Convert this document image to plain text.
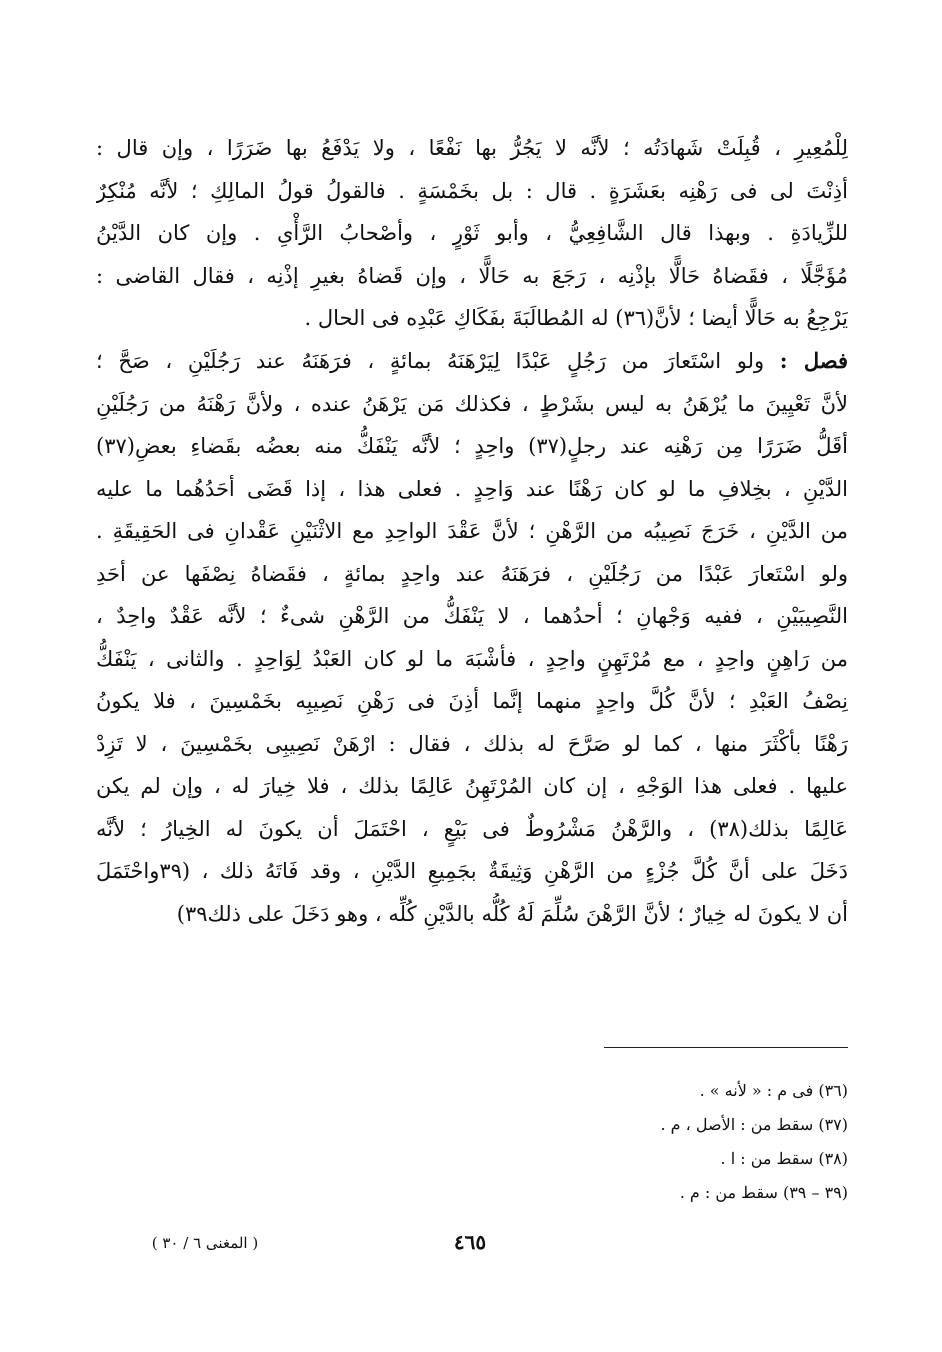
لِلْمُعِيرِ ، قُبِلَتْ شَهادَتُه ؛ لأنَّه لا يَجُرُّ بها نَفْعًا ، ولا يَدْفَعُ بها ضَرَرًا ، وإن قال :
أذِنْتَ لى فى رَهْنِه بعَشَرَةٍ . قال : بل بخَمْسَةٍ . فالقولُ قولُ المالِكِ ؛ لأنَّه مُنْكِرٌ
للزِّيادَةِ . وبهذا قال الشَّافِعِيُّ ، وأبو ثَوْرٍ ، وأصْحابُ الرَّأْىِ . وإن كان الدَّيْنُ
مُؤَجَّلًا ، فقَضاهُ حَالًّا بإذْنِه ، رَجَعَ به حَالًّا ، وإن قَضاهُ بغيرِ إذْنِه ، فقال القاضى :
يَرْجِعُ به حَالًّا أيضا ؛ لأنَّ(٣٦) له المُطالَبَةَ بفَكَاكِ عَبْدِه فى الحال .
فصل : ولو اسْتَعارَ من رَجُلٍ عَبْدًا لِيَرْهَنَهُ بمائةٍ ، فرَهَنَهُ عند رَجُلَيْنِ ، صَحَّ ؛
لأنَّ تَعْيِينَ ما يُرْهَنُ به ليس بشَرْطٍ ، فكذلك مَن يَرْهَنُ عنده ، ولأنَّ رَهْنَهُ من رَجُلَيْنِ
أقَلُّ ضَرَرًا مِن رَهْنِه عند رجلٍ(٣٧) واحِدٍ ؛ لأنَّه يَنْفَكُّ منه بعضُه بقَضاءِ بعضِ(٣٧)
الدَّيْنِ ، بخِلافِ ما لو كان رَهْنًا عند وَاحِدٍ . فعلى هذا ، إذا قَضَى أحَدُهُما ما عليه
من الدَّيْنِ ، خَرَجَ نَصِيبُه من الرَّهْنِ ؛ لأنَّ عَقْدَ الواحِدِ مع الاثْنَيْنِ عَقْدانِ فى الحَقِيقَةِ .
ولو اسْتَعارَ عَبْدًا من رَجُلَيْنِ ، فرَهَنَهُ عند واحِدٍ بمائةٍ ، فقَضاهُ نِصْفَها عن أحَدِ
النَّصِيبَيْنِ ، ففيه وَجْهانِ ؛ أحدُهما ، لا يَنْفَكُّ من الرَّهْنِ شىءٌ ؛ لأنَّه عَقْدٌ واحِدٌ ،
من رَاهِنٍ واحِدٍ ، مع مُرْتَهِنٍ واحِدٍ ، فأشْبَهَ ما لو كان العَبْدُ لِوَاحِدٍ . والثانى ، يَنْفَكُّ
نِصْفُ العَبْدِ ؛ لأنَّ كُلَّ واحِدٍ منهما إنَّما أذِنَ فى رَهْنِ نَصِيبِه بخَمْسِينَ ، فلا يكونُ
رَهْنًا بأكْثَرَ منها ، كما لو صَرَّحَ له بذلك ، فقال : ارْهَنْ نَصِيبِى بخَمْسِينَ ، لا تَزِدْ
عليها . فعلى هذا الوَجْهِ ، إن كان المُرْتَهِنُ عَالِمًا بذلك ، فلا خِيارَ له ، وإن لم يكن
عَالِمًا بذلك(٣٨) ، والرَّهْنُ مَشْرُوطٌ فى بَيْعٍ ، احْتَمَلَ أن يكونَ له الخِيارُ ؛ لأنَّه
دَخَلَ على أنَّ كُلَّ جُزْءٍ من الرَّهْنِ وَثِيقَةٌ بجَمِيعِ الدَّيْنِ ، وقد فَاتَهُ ذلك ، (٣٩واحْتَمَلَ
أن لا يكونَ له خِيارٌ ؛ لأنَّ الرَّهْنَ سُلِّمَ لَهُ كُلُّه بالدَّيْنِ كُلِّه ، وهو دَخَلَ على ذلك٣٩)
(٣٦) فى م : « لأنه » .
(٣٧) سقط من : الأصل ، م .
(٣٨) سقط من : ا .
(٣٩ – ٣٩) سقط من : م .
٤٦٥
( المغنى ٦ / ٣٠ )
